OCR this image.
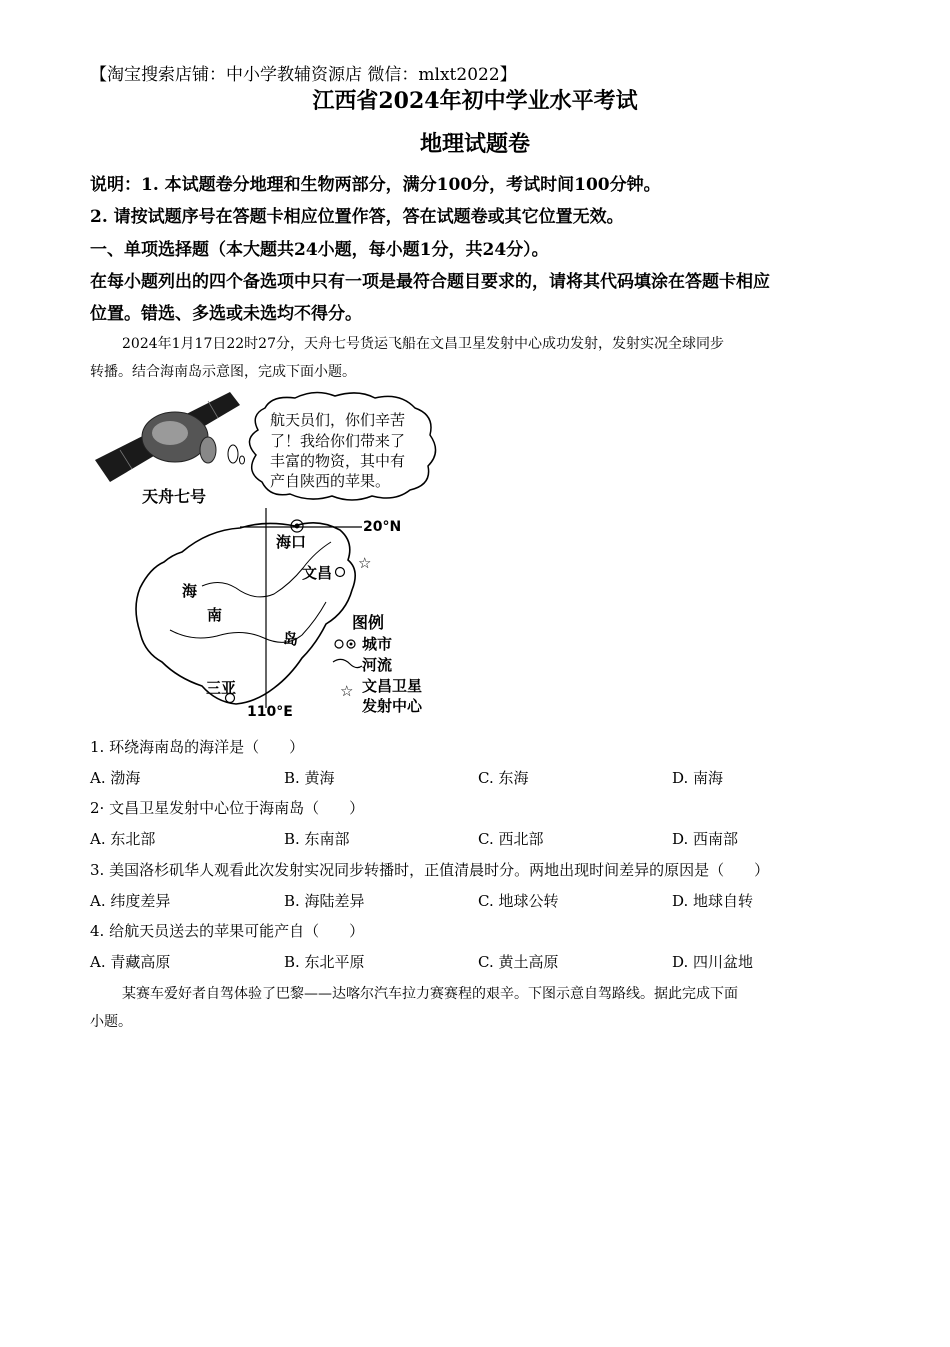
【淘宝搜索店铺：中小学教辅资源店 微信：mlxt2022】
江西省2024年初中学业水平考试
地理试题卷
说明：1. 本试题卷分地理和生物两部分，满分100分，考试时间100分钟。
2. 请按试题序号在答题卡相应位置作答，答在试题卷或其它位置无效。
一、单项选择题（本大题共24小题，每小题1分，共24分）。
在每小题列出的四个备选项中只有一项是最符合题目要求的，请将其代码填涂在答题卡相应
位置。错选、多选或未选均不得分。
2024年1月17日22时27分，天舟七号货运飞船在文昌卫星发射中心成功发射，发射实况全球同步
转播。结合海南岛示意图，完成下面小题。
航天员们，你们辛苦
了！我给你们带来了
丰富的物资，其中有
产自陕西的苹果。
天舟七号
20°N
110°E
海口
文昌
☆
三亚
海
南
岛
图例
城市
河流
☆ 文昌卫星
发射中心
1. 环绕海南岛的海洋是（　　）
A. 渤海	B. 黄海	C. 东海	D. 南海
2· 文昌卫星发射中心位于海南岛（　　）
A. 东北部	B. 东南部	C. 西北部	D. 西南部
3. 美国洛杉矶华人观看此次发射实况同步转播时，正值清晨时分。两地出现时间差异的原因是（　　）
A. 纬度差异	B. 海陆差异	C. 地球公转	D. 地球自转
4. 给航天员送去的苹果可能产自（　　）
A. 青藏高原	B. 东北平原	C. 黄土高原	D. 四川盆地
某赛车爱好者自驾体验了巴黎——达喀尔汽车拉力赛赛程的艰辛。下图示意自驾路线。据此完成下面
小题。
